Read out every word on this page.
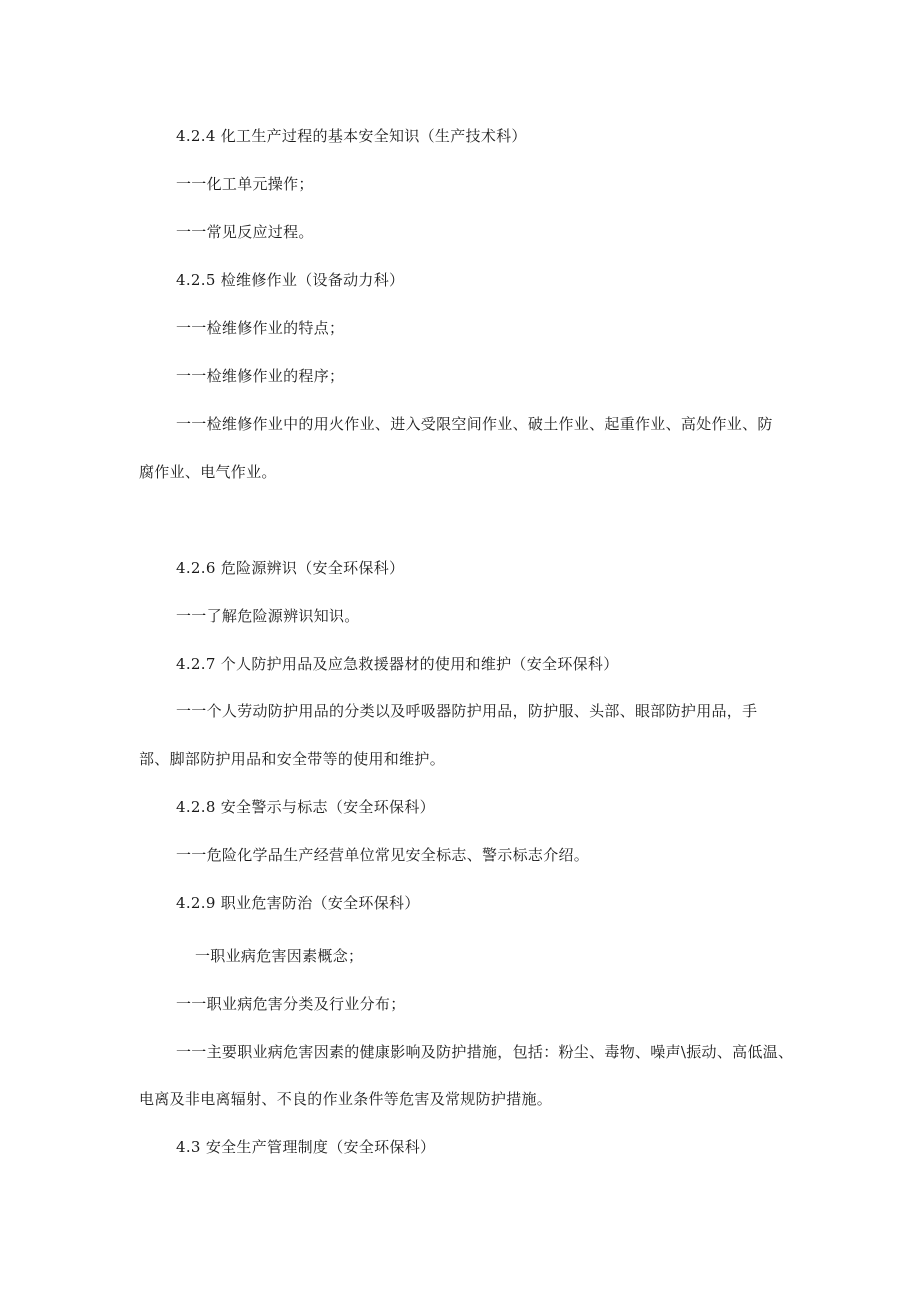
4.2.4 化工生产过程的基本安全知识（生产技术科）
一一化工单元操作；
一一常见反应过程。
4.2.5 检维修作业（设备动力科）
一一检维修作业的特点；
一一检维修作业的程序；
一一检维修作业中的用火作业、进入受限空间作业、破土作业、起重作业、高处作业、防
腐作业、电气作业。
4.2.6 危险源辨识（安全环保科）
一一了解危险源辨识知识。
4.2.7 个人防护用品及应急救援器材的使用和维护（安全环保科）
一一个人劳动防护用品的分类以及呼吸器防护用品，防护服、头部、眼部防护用品，手
部、脚部防护用品和安全带等的使用和维护。
4.2.8 安全警示与标志（安全环保科）
一一危险化学品生产经营单位常见安全标志、警示标志介绍。
4.2.9 职业危害防治（安全环保科）
一职业病危害因素概念；
一一职业病危害分类及行业分布；
一一主要职业病危害因素的健康影响及防护措施，包括：粉尘、毒物、噪声\振动、高低温、
电离及非电离辐射、不良的作业条件等危害及常规防护措施。
4.3 安全生产管理制度（安全环保科）
